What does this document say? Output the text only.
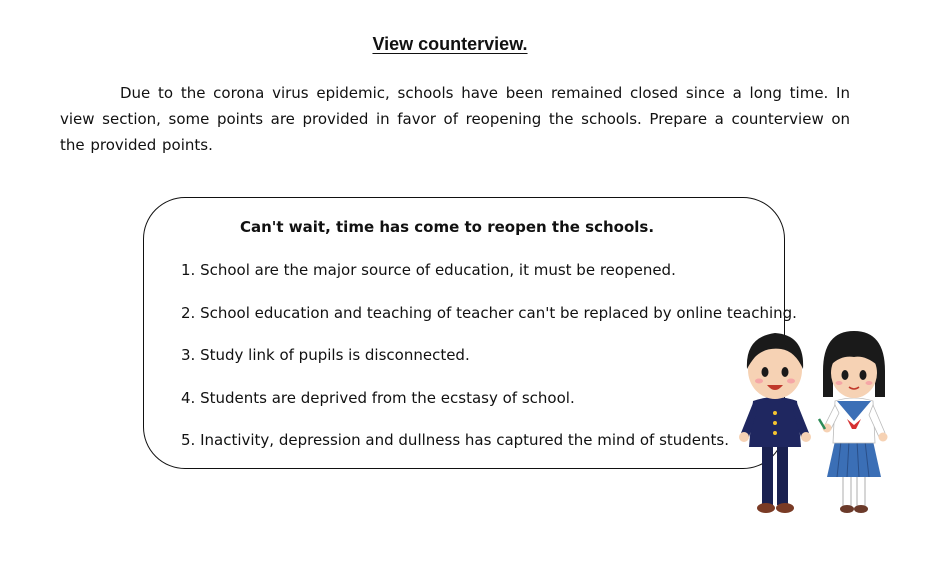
View counterview.

Due to the corona virus epidemic, schools have been remained closed since a long time. In view section, some points are provided in favor of reopening the schools. Prepare a counterview on the provided points.

Can't wait, time has come to reopen the schools.
1. School are the major source of education, it must be reopened.
2. School education and teaching of teacher can't be replaced by online teaching.
3. Study link of pupils is disconnected.
4. Students are deprived from the ecstasy of school.
5. Inactivity, depression and dullness has captured the mind of students.
